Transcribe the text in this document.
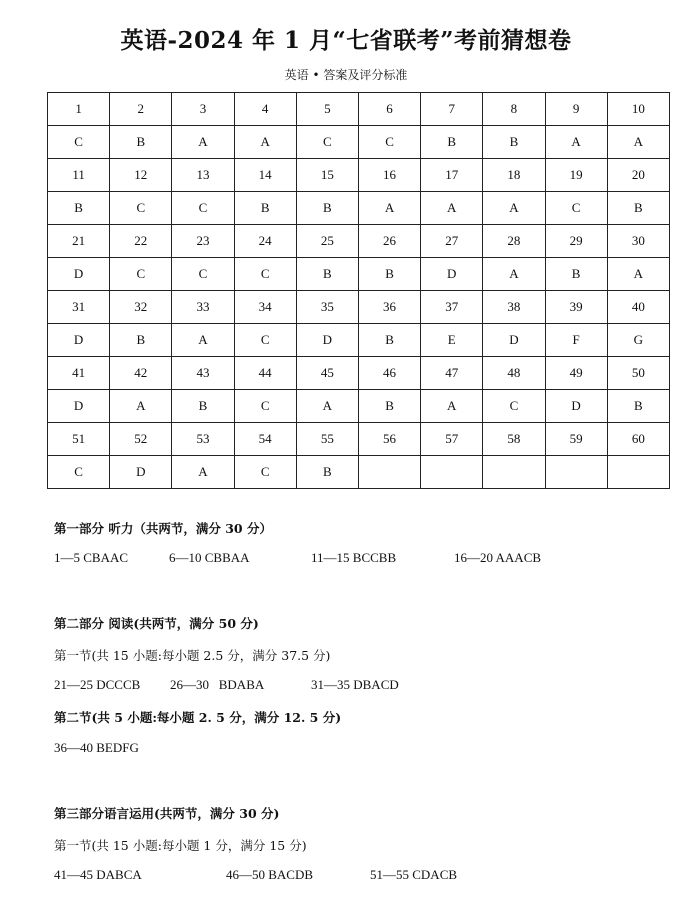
英语-2024 年 1 月“七省联考”考前猜想卷
英语 • 答案及评分标准
1	2	3	4	5	6	7	8	9	10
C	B	A	A	C	C	B	B	A	A
11	12	13	14	15	16	17	18	19	20
B	C	C	B	B	A	A	A	C	B
21	22	23	24	25	26	27	28	29	30
D	C	C	C	B	B	D	A	B	A
31	32	33	34	35	36	37	38	39	40
D	B	A	C	D	B	E	D	F	G
41	42	43	44	45	46	47	48	49	50
D	A	B	C	A	B	A	C	D	B
51	52	53	54	55	56	57	58	59	60
C	D	A	C	B					
第一部分 听力（共两节，满分 30 分）
1—5 CBAAC	6—10 CBBAA	11—15 BCCBB	16—20 AAACB
第二部分 阅读(共两节，满分 50 分)
第一节(共 15 小题:每小题 2.5 分，满分 37.5 分)
21—25 DCCCB 26—30   BDABA	31—35 DBACD
第二节(共 5 小题:每小题 2. 5 分，满分 12. 5 分)
36—40 BEDFG
第三部分语言运用(共两节，满分 30 分)
第一节(共 15 小题:每小题 1 分，满分 15 分)
41—45 DABCA	46—50 BACDB	51—55 CDACB
